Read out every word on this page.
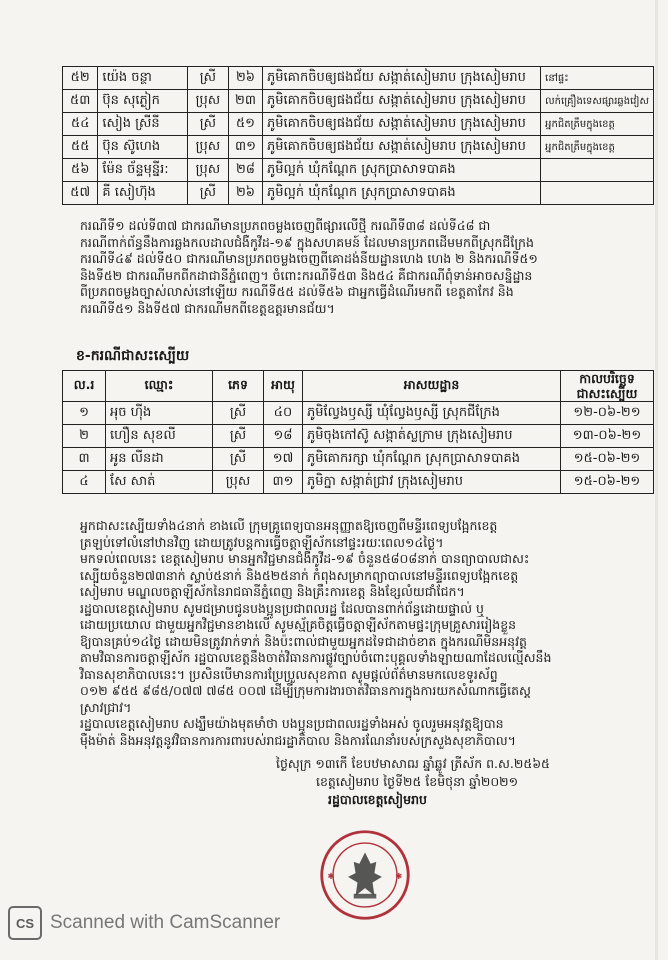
៥២	យ៉េង ចន្ថា	ស្រី	២៦	ភូមិគោកចិបឲ្យផងជ័យ សង្កាត់សៀមរាប ក្រុងសៀមរាប	នៅផ្ទះ
៥៣	ប៊ុន សុភ្ងៀក	ប្រុស	២៣	ភូមិគោកចិបឲ្យផងជ័យ សង្កាត់សៀមរាប ក្រុងសៀមរាប	លក់គ្រឿងទេសផ្សារឆ្លងវៀស
៥៤	សៀង ស្រីនី	ស្រី	៥១	ភូមិគោកចិបឲ្យផងជ័យ សង្កាត់សៀមរាប ក្រុងសៀមរាប	អ្នកជិតត្រឹមក្នុងខេត្ត
៥៥	ប៊ុន ស៊ូហេង	ប្រុស	៣១	ភូមិគោកចិបឲ្យផងជ័យ សង្កាត់សៀមរាប ក្រុងសៀមរាប	អ្នកជិតត្រឹមក្នុងខេត្ត
៥៦	ម៉ែន ច័ន្ទមុន្នីរ:	ប្រុស	២៨	ភូមិល្អក់ ឃុំកណ្តែក ស្រុកប្រាសាទបាគង	
៥៧	គី សៀហ៊ុង	ស្រី	២៦	ភូមិល្អក់ ឃុំកណ្តែក ស្រុកប្រាសាទបាគង	
ករណីទី១ ដល់ទី៣៧ ជាករណីមានប្រភពចម្លងចេញពីផ្សារលើថ្មី ករណីទី៣៨ ដល់ទី៤៨ ជា
ករណីពាក់ព័ន្ធនឹងការឆ្លងកលដាលជំងឺកូវីដ-១៩ ក្នុងសហគមន៍ ដែលមានប្រភពដើមមកពីស្រុកជីក្រែង
ករណីទី៤៩ ដល់ទី៥០ ជាករណីមានប្រភពចម្លងចេញពីគោដង់នីយដ្ឋានហេង ហេង ២ និងករណីទី៥១
និងទី៥២ ជាករណីមកពីកដាជានីភ្នំពេញ។ ចំពោះករណីទី៥៣ និង៥៤ គឺជាករណីពុំទាន់អាចសន្និដ្ឋាន
ពីប្រភពចម្លងច្បាស់លាស់នៅឡើយ ករណីទី៥៥ ដល់ទី៥៦ ជាអ្នកធ្វើដំណើរមកពី ខេត្តតាកែវ និង
ករណីទី៥១ និងទី៥៧ ជាករណីមកពីខេត្តឧត្តរមានជ័យ។
ខ-ករណីជាសះស្បើយ
ល.រ	ឈ្មោះ	ភេទ	អាយុ	អាសយដ្ឋាន	កាលបរិច្ឆេទ ជាសះស្បើយ
១	អុច ហ៊ីង	ស្រី	៤០	ភូមិល្វែងឫស្សី ឃុំល្វែងឫស្សី ស្រុកជីក្រែង	១២-០៦-២១
២	ហឿន សុខលី	ស្រី	១៨	ភូមិចុងកៅស៊ូ សង្កាត់ស្លក្រាម ក្រុងសៀមរាប	១៣-០៦-២១
៣	អូន លីនដា	ស្រី	១៧	ភូមិគោករក្សា ឃុំកណ្តែក ស្រុកប្រាសាទបាគង	១៥-០៦-២១
៤	សែ សាត់	ប្រុស	៣១	ភូមិក្នា សង្កាត់ជ្រាវ ក្រុងសៀមរាប	១៥-០៦-២១
អ្នកជាសះស្បើយទាំង៤នាក់ ខាងលើ ក្រុមគ្រូពេទ្យបានអនុញ្ញាតឱ្យចេញពីមន្ទីរពេទ្យបង្អែកខេត្ត
ត្រឡប់ទៅលំនៅឋានវិញ ដោយត្រូវបន្តការធ្វើចត្តាឡីស័កនៅផ្ទះរយៈពេល១៤ថ្ងៃ។
មកទល់ពេលនេះ ខេត្តសៀមរាប មានអ្នកវិជ្ជមានជំងឺកូវីដ-១៩ ចំនួន៥៨០៨នាក់ បានព្យាបាលជាសះ
ស្បើយចំនួន២៧៣នាក់ ស្លាប់៥នាក់ និង៥២៥នាក់ កំពុងសម្រាកព្យាបាលនៅមន្ទីរពេទ្យបង្អែកខេត្ត
សៀមរាប មណ្ឌលចត្តាឡីស័កនៃរាជធានីភ្នំពេញ និងគ្រឹះការខេត្ត និងខ្សែលំយជាំជែក។
រដ្ឋបាលខេត្តសៀមរាប សូមជម្រាបជូនបងប្អូនប្រជាពលរដ្ឋ ដែលបានពាក់ព័ន្ធដោយផ្ទាល់ ឬ
ដោយប្រយោល ជាមួយអ្នកវិជ្ជមានខាងលើ សូមស្ម័គ្រចិត្តធ្វើចត្តាឡីស័កតាមផ្ទះក្រុមគ្រួសាររៀងខ្លួន
ឱ្យបានគ្រប់១៤ថ្ងៃ ដោយមិនត្រូវរាក់ទាក់ និងប៉ះពាល់ជាមួយអ្នកដទៃជាដាច់ខាត ក្នុងករណីមិនអនុវត្ត
តាមវិធានការចត្តាឡីស័ក រដ្ឋបាលខេត្តនឹងចាត់វិធានការផ្លូវច្បាប់ចំពោះបុគ្គលទាំងឡាយណាដែលល្មើសនឹង
វិធានសុខាភិបាលនេះ។ ប្រសិនបើមានការប្រែប្រួលសុខភាព សូមផ្ដល់ព័ត៌មានមកលេខទូរស័ព្ទ
០១២ ៩៥៥ ៩៨៥/០៧៧ ៧៨៥ ០០៧ ដើម្បីក្រុមការងារចាត់វិធានការក្នុងការយកសំណាកធ្វើតេស្ត
ស្រាវជ្រាវ។
រដ្ឋបាលខេត្តសៀមរាប សង្ឃឹមយ៉ាងមុតមាំថា បងប្អូនប្រជាពលរដ្ឋទាំងអស់ ចូលរួមអនុវត្តឱ្យបាន
ម៉ឺងម៉ាត់ និងអនុវត្តនូវវិធានការការពារបស់រាជរដ្ឋាភិបាល និងការណែនាំរបស់ក្រសួងសុខាភិបាល។
ថ្ងៃសុក្រ ១៣កើ ខែបឋមាសាឍ ឆ្នាំឆ្លូវ ត្រីស័ក ព.ស.២៥៦៥
ខេត្តសៀមរាប ថ្ងៃទី២៥ ខែមិថុនា ឆ្នាំ២០២១
រដ្ឋបាលខេត្តសៀមរាប
✱	✱
CS Scanned with CamScanner
